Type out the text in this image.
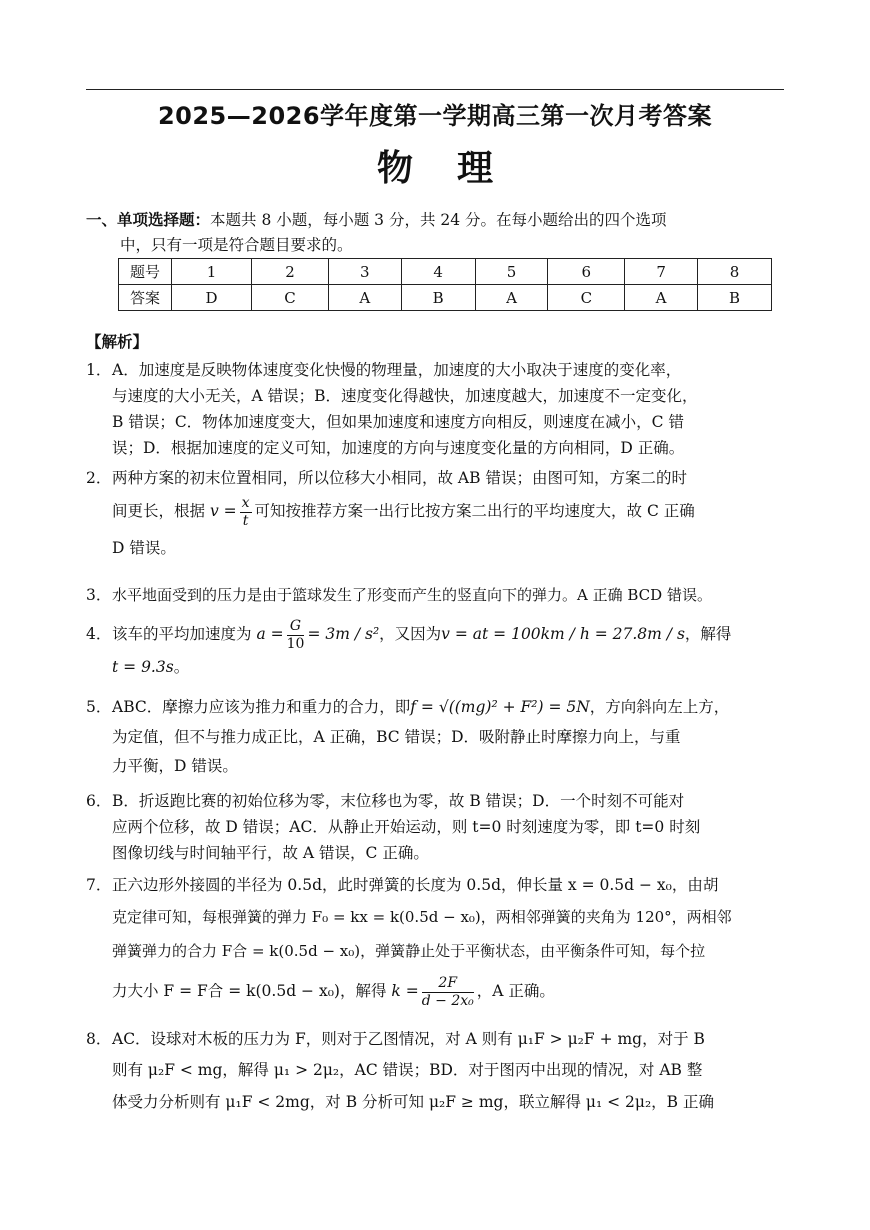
2025—2026学年度第一学期高三第一次月考答案
物理
一、单项选择题：本题共 8 小题，每小题 3 分，共 24 分。在每小题给出的四个选项
中，只有一项是符合题目要求的。
题号	1	2	3	4	5	6	7	8
答案	D	C	A	B	A	C	A	B
【解析】
1．A．加速度是反映物体速度变化快慢的物理量，加速度的大小取决于速度的变化率，
与速度的大小无关，A 错误；B．速度变化得越快，加速度越大，加速度不一定变化，
B 错误；C．物体加速度变大，但如果加速度和速度方向相反，则速度在减小，C 错
误；D．根据加速度的定义可知，加速度的方向与速度变化量的方向相同，D 正确。
2．两种方案的初末位置相同，所以位移大小相同，故 AB 错误；由图可知，方案二的时
间更长，根据 $v = \frac{x}{t}$ 可知按推荐方案一出行比按方案二出行的平均速度大，故 C 正确
D 错误。
3．水平地面受到的压力是由于篮球发生了形变而产生的竖直向下的弹力。A 正确 BCD 错误。
4．该车的平均加速度为 $a = \frac{G}{10} = 3m / s^2$，又因为v = at = 100km / h = 27.8m / s，解得
t = 9.3s。
5．ABC．摩擦力应该为推力和重力的合力，即f = √((mg)² + F²) = 5N，方向斜向左上方，
为定值，但不与推力成正比，A 正确，BC 错误；D．吸附静止时摩擦力向上，与重
力平衡，D 错误。
6．B．折返跑比赛的初始位移为零，末位移也为零，故 B 错误；D．一个时刻不可能对
应两个位移，故 D 错误；AC．从静止开始运动，则 t=0 时刻速度为零，即 t=0 时刻
图像切线与时间轴平行，故 A 错误，C 正确。
7．正六边形外接圆的半径为 0.5d，此时弹簧的长度为 0.5d，伸长量 x = 0.5d − x₀，由胡
克定律可知，每根弹簧的弹力 F₀ = kx = k(0.5d − x₀)，两相邻弹簧的夹角为 120°，两相邻
弹簧弹力的合力 F合 = k(0.5d − x₀)，弹簧静止处于平衡状态，由平衡条件可知，每个拉
力大小 F = F合 = k(0.5d − x₀)，解得 $k = \frac{2F}{\text{d − 2x₀}}$ ，A 正确。
8．AC．设球对木板的压力为 F，则对于乙图情况，对 A 则有 μ₁F > μ₂F + mg，对于 B
则有 μ₂F < mg，解得 μ₁ > 2μ₂，AC 错误；BD．对于图丙中出现的情况，对 AB 整
体受力分析则有 μ₁F < 2mg，对 B 分析可知 μ₂F ≥ mg，联立解得 μ₁ < 2μ₂，B 正确
